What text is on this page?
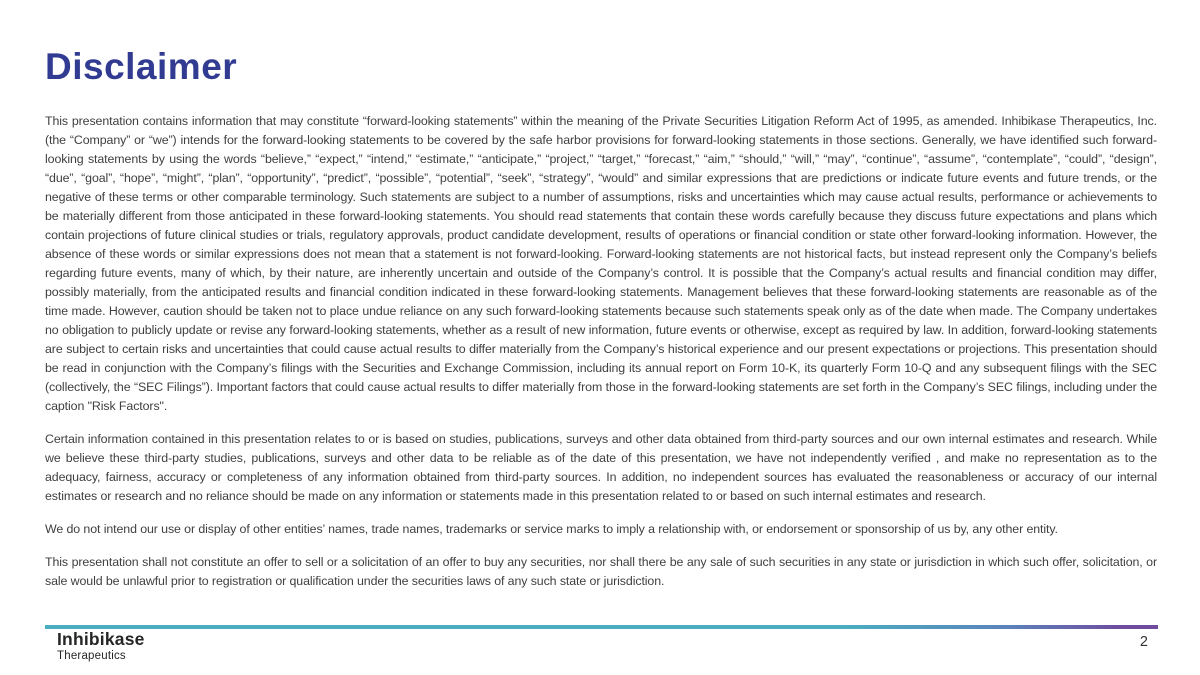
Disclaimer

This presentation contains information that may constitute “forward-looking statements” within the meaning of the Private Securities Litigation Reform Act of 1995, as amended. Inhibikase Therapeutics, Inc. (the “Company” or “we”) intends for the forward-looking statements to be covered by the safe harbor provisions for forward-looking statements in those sections. Generally, we have identified such forward-looking statements by using the words “believe,” “expect,” “intend,” “estimate,” “anticipate,” “project,” “target,” “forecast,” “aim,” “should,” “will,” “may”, “continue”, “assume”, “contemplate”, “could”, “design”, “due”, “goal”, “hope”, “might”, “plan”, “opportunity”, “predict”, “possible”, “potential”, “seek”, “strategy”, “would” and similar expressions that are predictions or indicate future events and future trends, or the negative of these terms or other comparable terminology. Such statements are subject to a number of assumptions, risks and uncertainties which may cause actual results, performance or achievements to be materially different from those anticipated in these forward-looking statements. You should read statements that contain these words carefully because they discuss future expectations and plans which contain projections of future clinical studies or trials, regulatory approvals, product candidate development, results of operations or financial condition or state other forward-looking information. However, the absence of these words or similar expressions does not mean that a statement is not forward-looking. Forward-looking statements are not historical facts, but instead represent only the Company’s beliefs regarding future events, many of which, by their nature, are inherently uncertain and outside of the Company’s control. It is possible that the Company’s actual results and financial condition may differ, possibly materially, from the anticipated results and financial condition indicated in these forward-looking statements. Management believes that these forward-looking statements are reasonable as of the time made. However, caution should be taken not to place undue reliance on any such forward-looking statements because such statements speak only as of the date when made. The Company undertakes no obligation to publicly update or revise any forward-looking statements, whether as a result of new information, future events or otherwise, except as required by law. In addition, forward-looking statements are subject to certain risks and uncertainties that could cause actual results to differ materially from the Company’s historical experience and our present expectations or projections. This presentation should be read in conjunction with the Company’s filings with the Securities and Exchange Commission, including its annual report on Form 10-K, its quarterly Form 10-Q and any subsequent filings with the SEC (collectively, the “SEC Filings”). Important factors that could cause actual results to differ materially from those in the forward-looking statements are set forth in the Company’s SEC filings, including under the caption "Risk Factors".

Certain information contained in this presentation relates to or is based on studies, publications, surveys and other data obtained from third-party sources and our own internal estimates and research. While we believe these third-party studies, publications, surveys and other data to be reliable as of the date of this presentation, we have not independently verified , and make no representation as to the adequacy, fairness, accuracy or completeness of any information obtained from third-party sources. In addition, no independent sources has evaluated the reasonableness or accuracy of our internal estimates or research and no reliance should be made on any information or statements made in this presentation related to or based on such internal estimates and research.

We do not intend our use or display of other entities’ names, trade names, trademarks or service marks to imply a relationship with, or endorsement or sponsorship of us by, any other entity.

This presentation shall not constitute an offer to sell or a solicitation of an offer to buy any securities, nor shall there be any sale of such securities in any state or jurisdiction in which such offer, solicitation, or sale would be unlawful prior to registration or qualification under the securities laws of any such state or jurisdiction.

Inhibikase
Therapeutics
2
